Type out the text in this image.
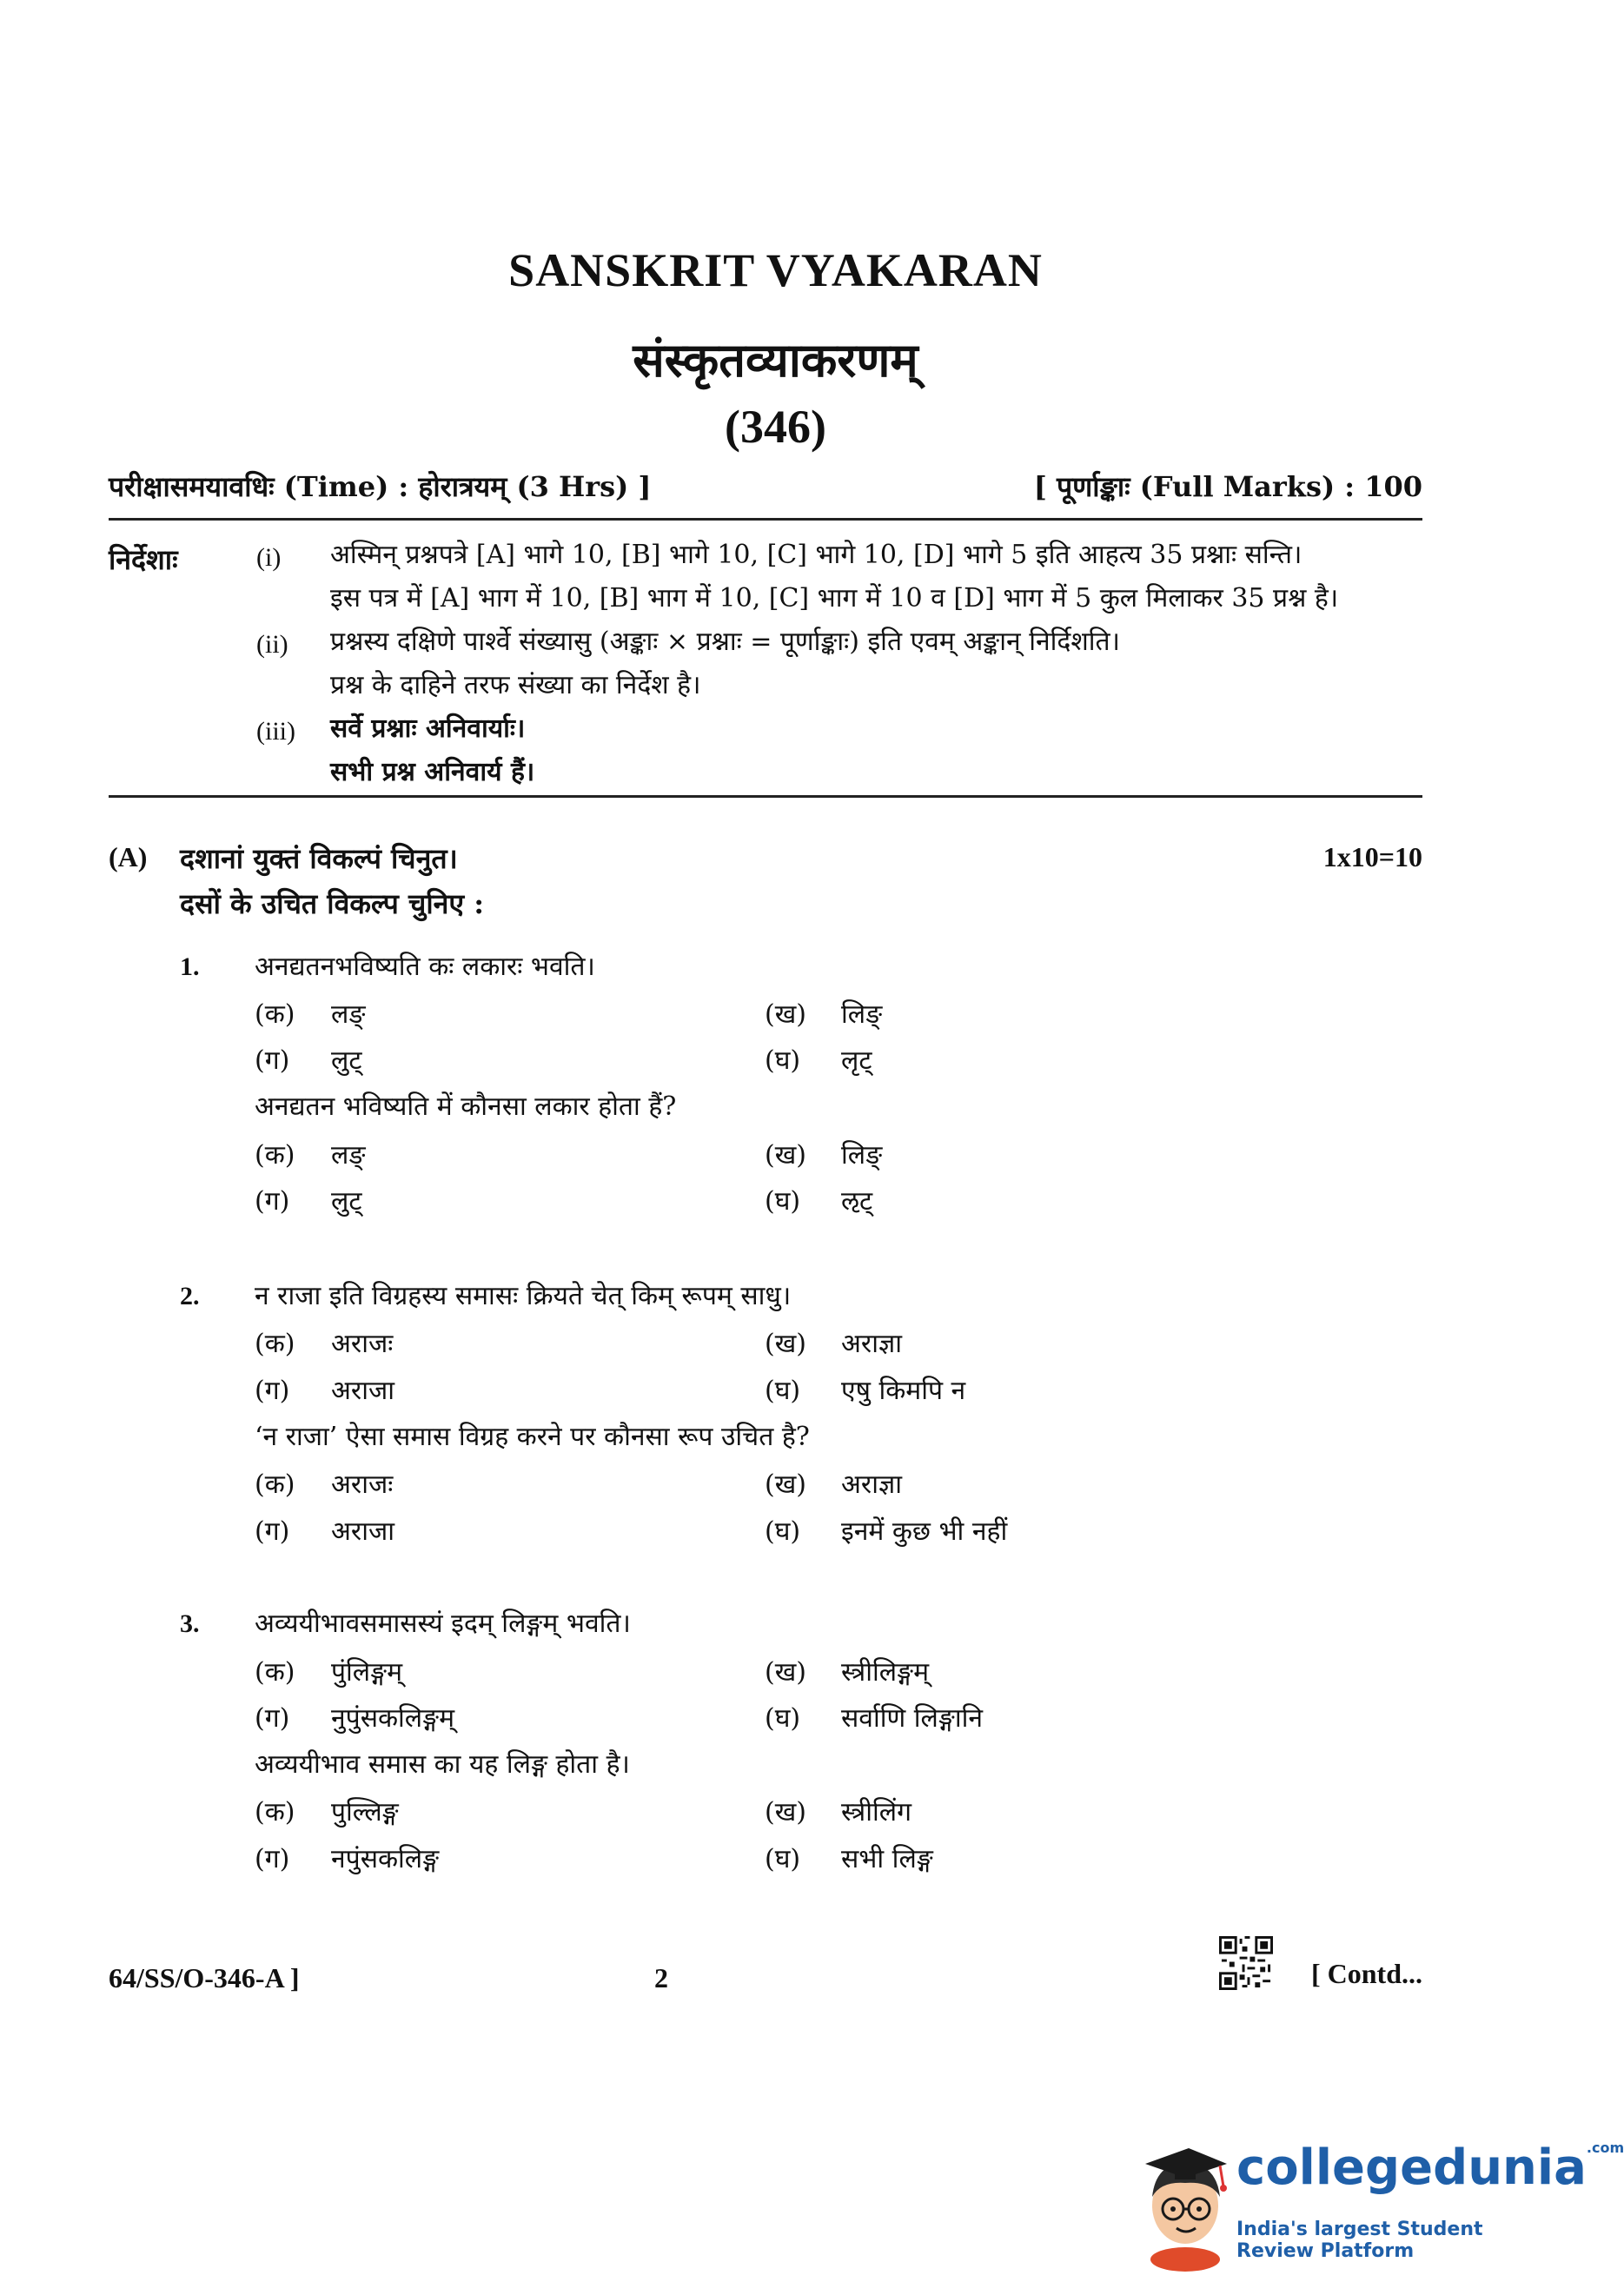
SANSKRIT VYAKARAN
संस्कृतव्याकरणम्
(346)
परीक्षासमयावधिः (Time) : होरात्रयम् (3 Hrs) ]	[ पूर्णाङ्काः (Full Marks) : 100
निर्देशाः	(i) अस्मिन् प्रश्नपत्रे [A] भागे 10, [B] भागे 10, [C] भागे 10, [D] भागे 5 इति आहत्य 35 प्रश्नाः सन्ति।
इस पत्र में [A] भाग में 10, [B] भाग में 10, [C] भाग में 10 व [D] भाग में 5 कुल मिलाकर 35 प्रश्न है।
(ii) प्रश्नस्य दक्षिणे पार्श्वे संख्यासु (अङ्काः × प्रश्नाः = पूर्णाङ्काः) इति एवम् अङ्कान् निर्दिशति।
प्रश्न के दाहिने तरफ संख्या का निर्देश है।
(iii) सर्वे प्रश्नाः अनिवार्याः।
सभी प्रश्न अनिवार्य हैं।
(A) दशानां युक्तं विकल्पं चिनुत।
दसों के उचित विकल्प चुनिए :
1x10=10
1. अनद्यतनभविष्यति कः लकारः भवति।
(क) लङ्	(ख) लिङ्
(ग) लुट्	(घ) लृट्
अनद्यतन भविष्यति में कौनसा लकार होता हैं?
(क) लङ्	(ख) लिङ्
(ग) लुट्	(घ) ऌट्
2. न राजा इति विग्रहस्य समासः क्रियते चेत् किम् रूपम् साधु।
(क) अराजः	(ख) अराज्ञा
(ग) अराजा	(घ) एषु किमपि न
‘न राजा’ ऐसा समास विग्रह करने पर कौनसा रूप उचित है?
(क) अराजः	(ख) अराज्ञा
(ग) अराजा	(घ) इनमें कुछ भी नहीं
3. अव्ययीभावसमासस्यं इदम् लिङ्गम् भवति।
(क) पुंलिङ्गम्	(ख) स्त्रीलिङ्गम्
(ग) नुपुंसकलिङ्गम्	(घ) सर्वाणि लिङ्गानि
अव्ययीभाव समास का यह लिङ्ग होता है।
(क) पुल्लिङ्ग	(ख) स्त्रीलिंग
(ग) नपुंसकलिङ्ग	(घ) सभी लिङ्ग
64/SS/O-346-A ]	2	[ Contd...
collegedunia$^{.com}$
India's largest Student Review Platform
